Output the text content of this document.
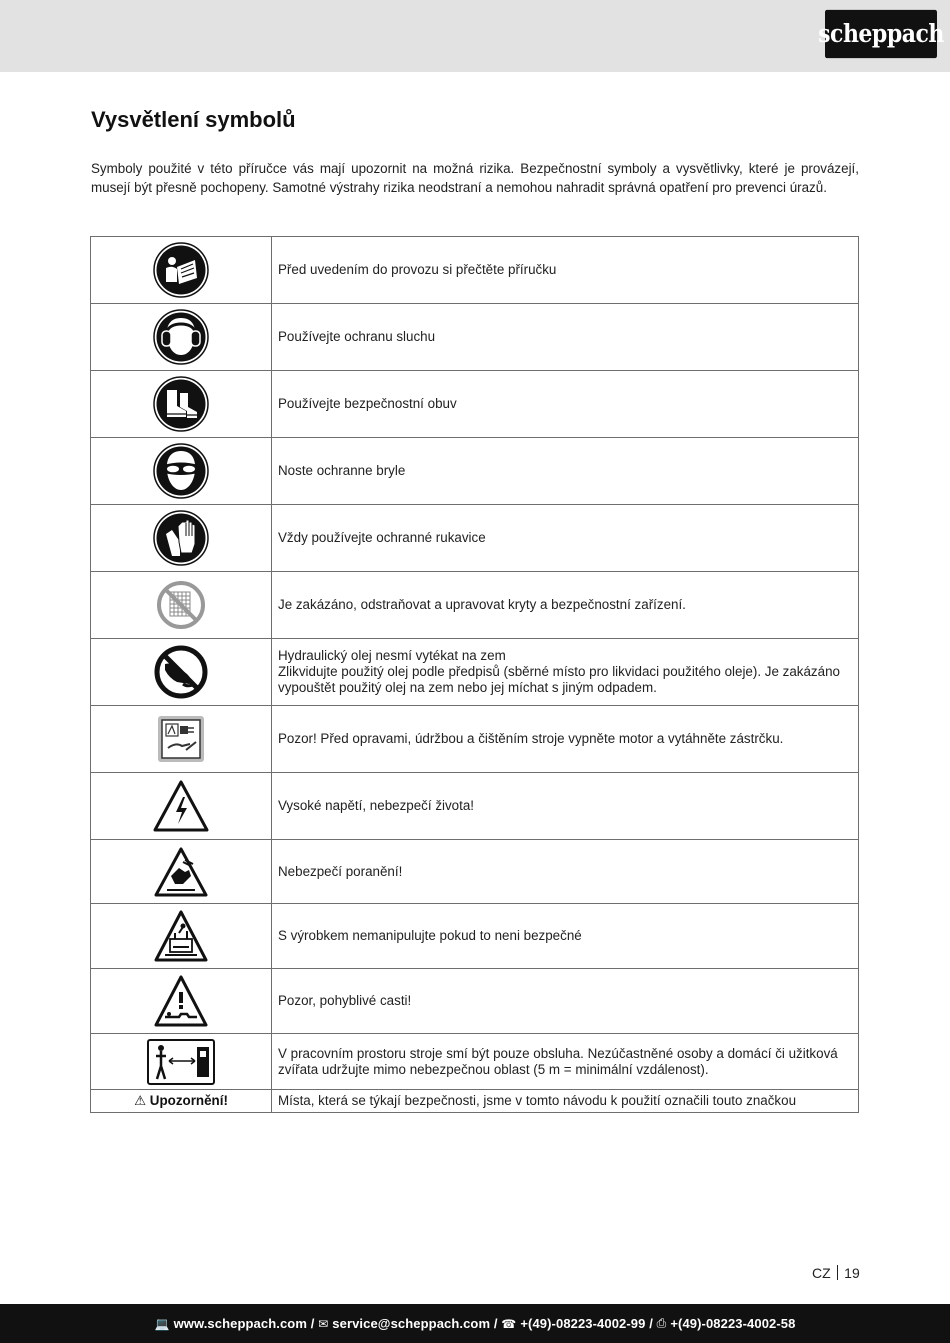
scheppach
Vysvětlení symbolů

Symboly použité v této příručce vás mají upozornit na možná rizika. Bezpečnostní symboly a vysvětlivky, které je provázejí, musejí být přesně pochopeny. Samotné výstrahy rizika neodstraní a nemohou nahradit správná opatření pro prevenci úrazů.

	Před uvedením do provozu si přečtěte příručku

	Používejte ochranu sluchu

	Používejte bezpečnostní obuv

	Noste ochranne bryle

	Vždy používejte ochranné rukavice

	Je zakázáno, odstraňovat a upravovat kryty a bezpečnostní zařízení.

Hydraulický olej nesmí vytékat na zem
Zlikvidujte použitý olej podle předpisů (sběrné místo pro likvidaci použitého oleje). Je zakázáno vypouštět použitý olej na zem nebo jej míchat s jiným odpadem.

	Pozor! Před opravami, údržbou a čištěním stroje vypněte motor a vytáhněte zástrčku.

	Vysoké napětí, nebezpečí života!

	Nebezpečí poranění!

	S výrobkem nemanipulujte pokud to neni bezpečné

	Pozor, pohyblivé casti!

	V pracovním prostoru stroje smí být pouze obsluha. Nezúčastněné osoby a domácí či užitková zvířata udržujte mimo nebezpečnou oblast (5 m = minimální vzdálenost).
⚠ Upozornění!	Místa, která se týkají bezpečnosti, jsme v tomto návodu k použití označili touto značkou
CZ 19
💻 www.scheppach.com / ✉ service@scheppach.com / ☎ +(49)-08223-4002-99 / ⎙ +(49)-08223-4002-58
